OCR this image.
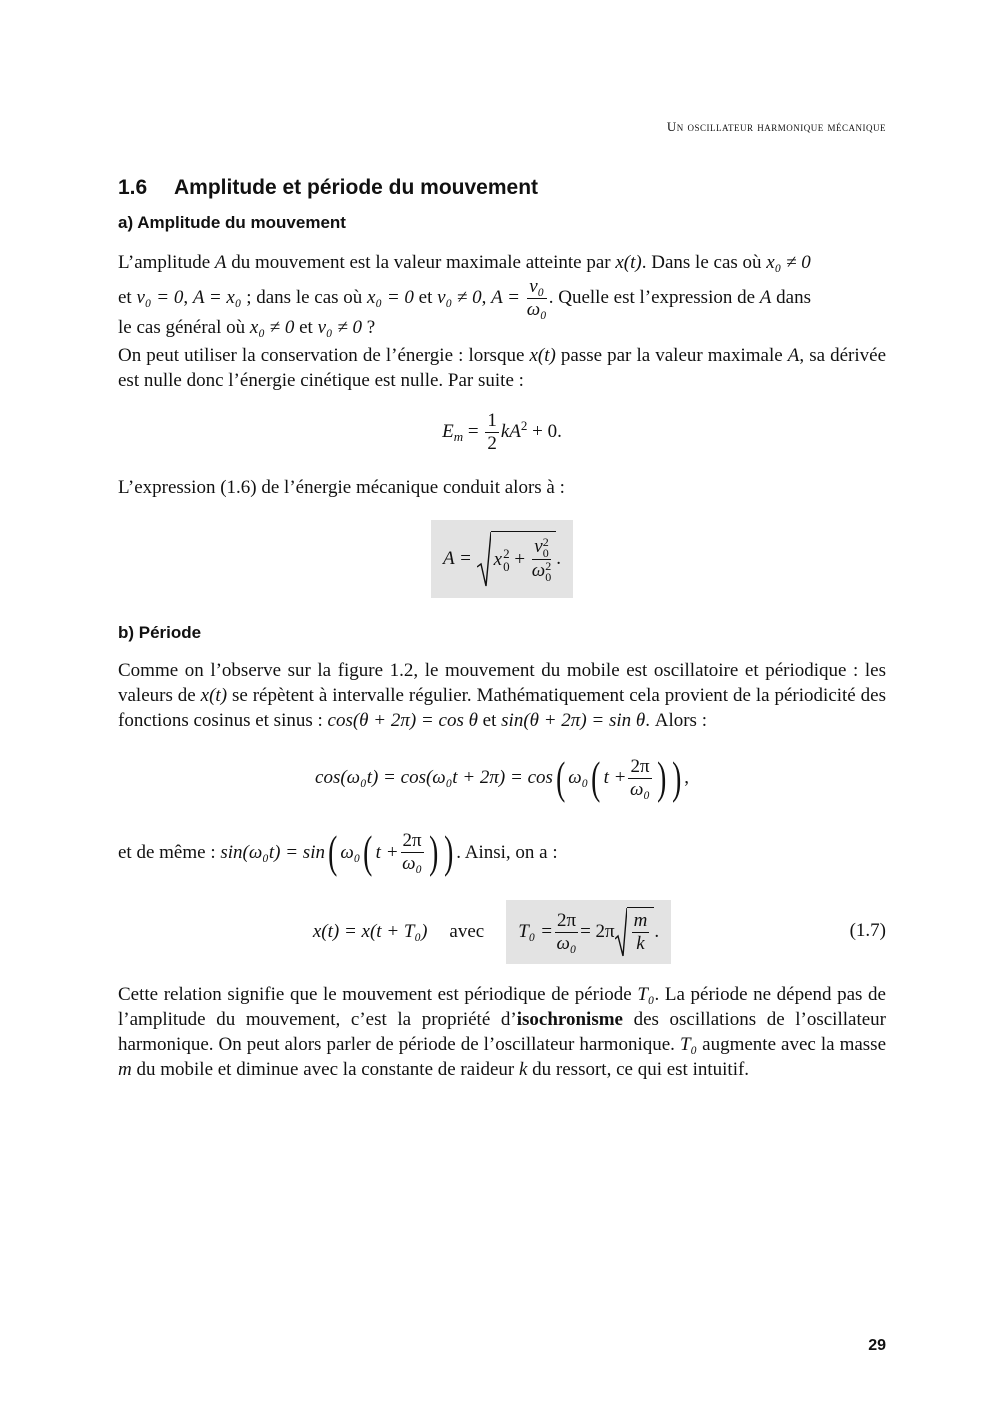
Un oscillateur harmonique mécanique
1.6 Amplitude et période du mouvement
a) Amplitude du mouvement
L’amplitude A du mouvement est la valeur maximale atteinte par x(t). Dans le cas où x₀ ≠ 0
et v₀ = 0, A = x₀ ; dans le cas où x₀ = 0 et v₀ ≠ 0, $A = \frac{\text{v₀}}{\text{ω₀}}$ . Quelle est l’expression de A dans
le cas général où x₀ ≠ 0 et v₀ ≠ 0 ?
On peut utiliser la conservation de l’énergie : lorsque x(t) passe par la valeur maximale A, sa dérivée est nulle donc l’énergie cinétique est nulle. Par suite :
$E_m = \frac{1}{2} kA^2 + 0$.
L’expression (1.6) de l’énergie mécanique conduit alors à :
A =
x 2
0
+
v 2
0
ω 2
0 .
b) Période
Comme on l’observe sur la figure 1.2, le mouvement du mobile est oscillatoire et périodique : les valeurs de x(t) se répètent à intervalle régulier. Mathématiquement cela provient de la périodicité des fonctions cosinus et sinus : cos(θ + 2π) = cos θ et sin(θ + 2π) = sin θ. Alors :
cos(ω₀t) = cos(ω₀t + 2π) = cos ( ω₀ ( $t + \frac{2\pi}{\text{ω₀}}$ ) ) ,
et de même :
sin(ω₀t) = sin ( ω₀ ( $t + \frac{2\pi}{\text{ω₀}}$ ) ) . Ainsi, on a :
x(t) = x(t + T₀) avec $T_0 = \frac{2\pi}{\text{ω₀}} = 2\pi \frac{m}{k}$ .	(1.7)
Cette relation signifie que le mouvement est périodique de période T₀. La période ne dépend pas de l’amplitude du mouvement, c’est la propriété d’isochronisme des oscillations de l’oscillateur harmonique. On peut alors parler de période de l’oscillateur harmonique. T₀ augmente avec la masse m du mobile et diminue avec la constante de raideur k du ressort, ce qui est intuitif.
29
